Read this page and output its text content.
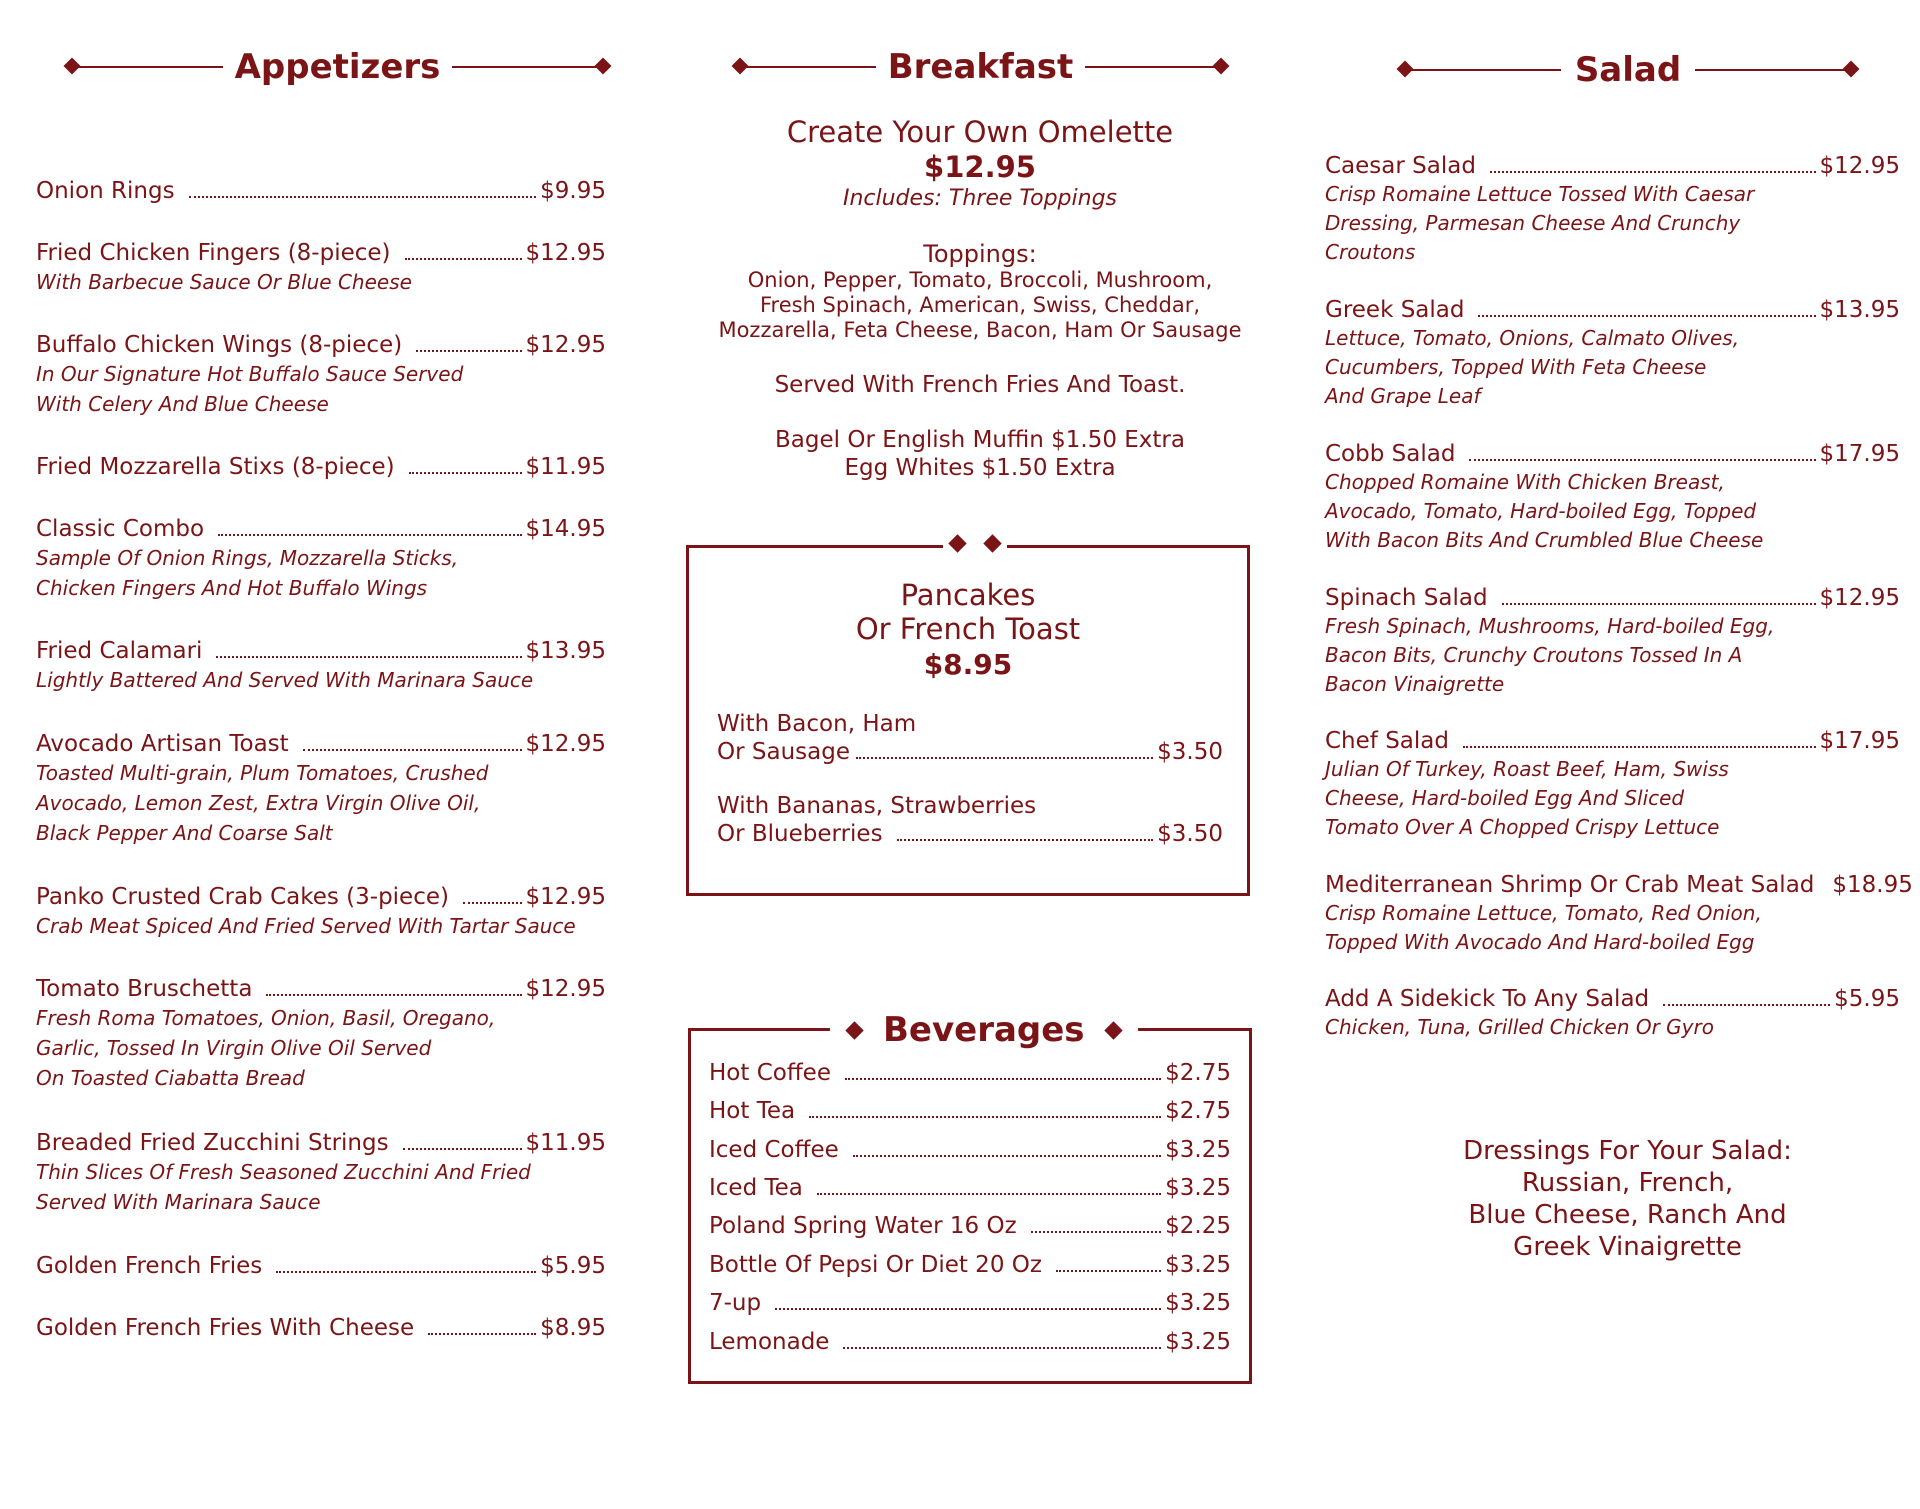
Appetizers
Onion Rings	$9.95
Fried Chicken Fingers (8-piece)	$12.95
With Barbecue Sauce Or Blue Cheese
Buffalo Chicken Wings (8-piece)	$12.95
In Our Signature Hot Buffalo Sauce Served
With Celery And Blue Cheese
Fried Mozzarella Stixs (8-piece)	$11.95
Classic Combo	$14.95
Sample Of Onion Rings, Mozzarella Sticks,
Chicken Fingers And Hot Buffalo Wings
Fried Calamari	$13.95
Lightly Battered And Served With Marinara Sauce
Avocado Artisan Toast	$12.95
Toasted Multi-grain, Plum Tomatoes, Crushed
Avocado, Lemon Zest, Extra Virgin Olive Oil,
Black Pepper And Coarse Salt
Panko Crusted Crab Cakes (3-piece)	$12.95
Crab Meat Spiced And Fried Served With Tartar Sauce
Tomato Bruschetta	$12.95
Fresh Roma Tomatoes, Onion, Basil, Oregano,
Garlic, Tossed In Virgin Olive Oil Served
On Toasted Ciabatta Bread
Breaded Fried Zucchini Strings	$11.95
Thin Slices Of Fresh Seasoned Zucchini And Fried
Served With Marinara Sauce
Golden French Fries	$5.95
Golden French Fries With Cheese	$8.95
Breakfast
Create Your Own Omelette
$12.95
Includes: Three Toppings
Toppings:
Onion, Pepper, Tomato, Broccoli, Mushroom,
Fresh Spinach, American, Swiss, Cheddar,
Mozzarella, Feta Cheese, Bacon, Ham Or Sausage
Served With French Fries And Toast.
Bagel Or English Muffin $1.50 Extra
Egg Whites $1.50 Extra
Pancakes
Or French Toast
$8.95
With Bacon, Ham
Or Sausage	$3.50
With Bananas, Strawberries
Or Blueberries	$3.50
Hot Coffee	$2.75
Hot Tea	$2.75
Iced Coffee	$3.25
Iced Tea	$3.25
Poland Spring Water 16 Oz	$2.25
Bottle Of Pepsi Or Diet 20 Oz	$3.25
7-up	$3.25
Lemonade	$3.25
Beverages
Salad
Caesar Salad	$12.95
Crisp Romaine Lettuce Tossed With Caesar
Dressing, Parmesan Cheese And Crunchy
Croutons
Greek Salad	$13.95
Lettuce, Tomato, Onions, Calmato Olives,
Cucumbers, Topped With Feta Cheese
And Grape Leaf
Cobb Salad	$17.95
Chopped Romaine With Chicken Breast,
Avocado, Tomato, Hard-boiled Egg, Topped
With Bacon Bits And Crumbled Blue Cheese
Spinach Salad	$12.95
Fresh Spinach, Mushrooms, Hard-boiled Egg,
Bacon Bits, Crunchy Croutons Tossed In A
Bacon Vinaigrette
Chef Salad	$17.95
Julian Of Turkey, Roast Beef, Ham, Swiss
Cheese, Hard-boiled Egg And Sliced
Tomato Over A Chopped Crispy Lettuce
Mediterranean Shrimp Or Crab Meat Salad $18.95
Crisp Romaine Lettuce, Tomato, Red Onion,
Topped With Avocado And Hard-boiled Egg
Add A Sidekick To Any Salad	$5.95
Chicken, Tuna, Grilled Chicken Or Gyro
Dressings For Your Salad:
Russian, French,
Blue Cheese, Ranch And
Greek Vinaigrette
